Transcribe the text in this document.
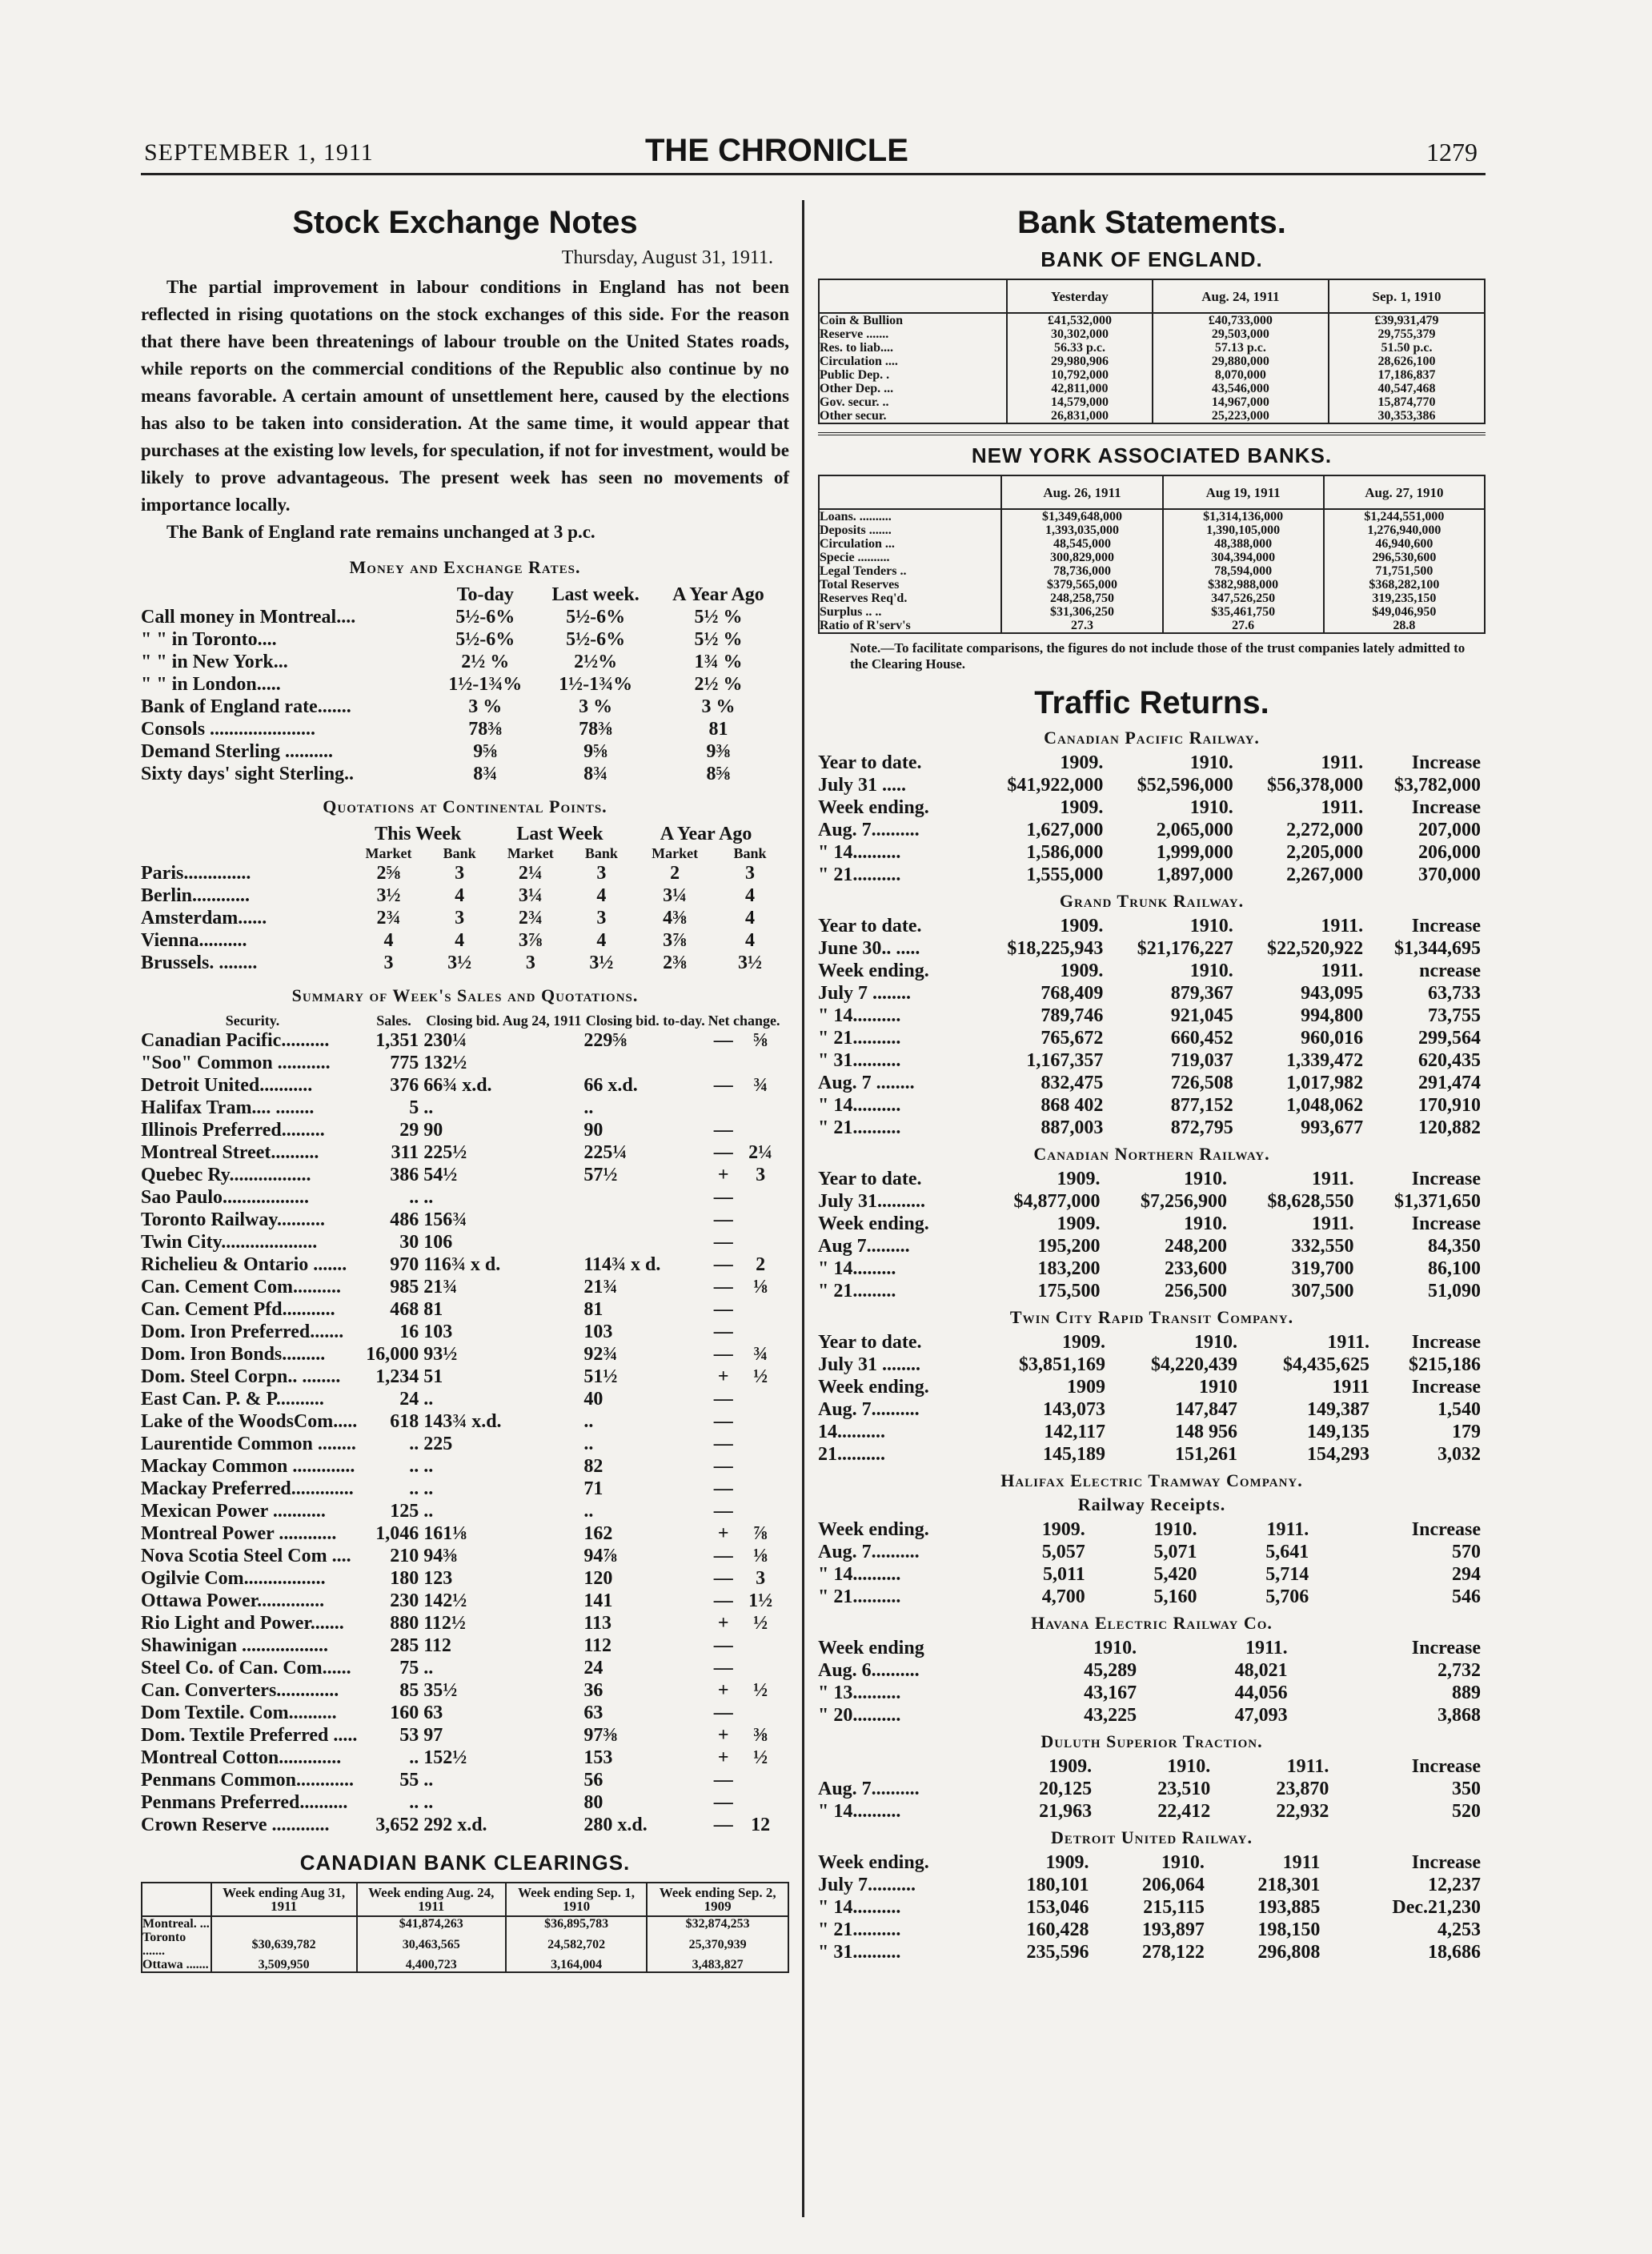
SEPTEMBER 1, 1911	THE CHRONICLE	1279
Stock Exchange Notes

Thursday, August 31, 1911.

The partial improvement in labour conditions in England has not been reflected in rising quotations on the stock exchanges of this side. For the reason that there have been threatenings of labour trouble on the United States roads, while reports on the commercial conditions of the Republic also continue by no means favorable. A certain amount of unsettlement here, caused by the elections has also to be taken into consideration. At the same time, it would appear that purchases at the existing low levels, for speculation, if not for investment, would be likely to prove advantageous. The present week has seen no movements of importance locally.

The Bank of England rate remains unchanged at 3 p.c.

Money and Exchange Rates.
	To-day	Last week.	A Year Ago
Call money in Montreal....	5½-6%	5½-6%	5½ %
" " in Toronto....	5½-6%	5½-6%	5½ %
" " in New York...	2½ %	2½%	1¾ %
" " in London.....	1½-1¾%	1½-1¾%	2½ %
Bank of England rate.......	3 %	3 %	3 %
Consols ......................	78⅜	78⅜	81
Demand Sterling ..........	9⅝	9⅝	9⅜
Sixty days' sight Sterling..	8¾	8¾	8⅝
Quotations at Continental Points.
	This Week		Last Week		A Year Ago	
	Market	Bank	Market	Bank	Market	Bank
Paris..............	2⅝	3	2¼	3	2	3
Berlin............	3½	4	3¼	4	3¼	4
Amsterdam......	2¾	3	2¾	3	4⅜	4
Vienna..........	4	4	3⅞	4	3⅞	4
Brussels. ........	3	3½	3	3½	2⅜	3½
Summary of Week's Sales and Quotations.
Security.	Sales.	Closing bid. Aug 24, 1911	Closing bid. to-day.	Net change.	
Canadian Pacific..........	1,351	230¼	229⅝	—	⅝
"Soo" Common ...........	775	132½			
Detroit United...........	376	66¾ x.d.	66 x.d.	—	¾
Halifax Tram.... ........	5	..	..		
Illinois Preferred.........	29	90	90	—	
Montreal Street..........	311	225½	225¼	—	2¼
Quebec Ry.................	386	54½	57½	+	3
Sao Paulo..................	..	..		—	
Toronto Railway..........	486	156¾		—	
Twin City....................	30	106		—	
Richelieu & Ontario .......	970	116¾ x d.	114¾ x d.	—	2
Can. Cement Com..........	985	21¾	21¾	—	⅛
Can. Cement Pfd...........	468	81	81	—	
Dom. Iron Preferred.......	16	103	103	—	
Dom. Iron Bonds.........	16,000	93½	92¾	—	¾
Dom. Steel Corpn.. ........	1,234	51	51½	+	½
East Can. P. & P..........	24	..	40	—	
Lake of the WoodsCom.....	618	143¾ x.d.	..	—	
Laurentide Common ........	..	225	..	—	
Mackay Common .............	..	..	82	—	
Mackay Preferred.............	..	..	71	—	
Mexican Power ...........	125	..	..	—	
Montreal Power ............	1,046	161⅛	162	+	⅞
Nova Scotia Steel Com ....	210	94⅜	94⅞	—	⅛
Ogilvie Com.................	180	123	120	—	3
Ottawa Power..............	230	142½	141	—	1½
Rio Light and Power.......	880	112½	113	+	½
Shawinigan ..................	285	112	112	—	
Steel Co. of Can. Com......	75	..	24	—	
Can. Converters.............	85	35½	36	+	½
Dom Textile. Com..........	160	63	63	—	
Dom. Textile Preferred .....	53	97	97⅜	+	⅜
Montreal Cotton.............	..	152½	153	+	½
Penmans Common............	55	..	56	—	
Penmans Preferred..........	..	..	80	—	
Crown Reserve ............	3,652	292 x.d.	280 x.d.	—	12
CANADIAN BANK CLEARINGS.
	Week ending Aug 31, 1911	Week ending Aug. 24, 1911	Week ending Sep. 1, 1910	Week ending Sep. 2, 1909
Montreal. ...		$41,874,263	$36,895,783	$32,874,253
Toronto .......	$30,639,782	30,463,565	24,582,702	25,370,939
Ottawa .......	3,509,950	4,400,723	3,164,004	3,483,827
Bank Statements.
BANK OF ENGLAND.
	Yesterday	Aug. 24, 1911	Sep. 1, 1910
Coin & Bullion	£41,532,000	£40,733,000	£39,931,479
Reserve .......	30,302,000	29,503,000	29,755,379
Res. to liab....	56.33 p.c.	57.13 p.c.	51.50 p.c.
Circulation ....	29,980,906	29,880,000	28,626,100
Public Dep. .	10,792,000	8,070,000	17,186,837
Other Dep. ...	42,811,000	43,546,000	40,547,468
Gov. secur. ..	14,579,000	14,967,000	15,874,770
Other secur.	26,831,000	25,223,000	30,353,386
NEW YORK ASSOCIATED BANKS.
	Aug. 26, 1911	Aug 19, 1911	Aug. 27, 1910
Loans. ..........	$1,349,648,000	$1,314,136,000	$1,244,551,000
Deposits .......	1,393,035,000	1,390,105,000	1,276,940,000
Circulation ...	48,545,000	48,388,000	46,940,600
Specie ..........	300,829,000	304,394,000	296,530,600
Legal Tenders ..	78,736,000	78,594,000	71,751,500

Total Reserves	$379,565,000	$382,988,000	$368,282,100
Reserves Req'd.	248,258,750	347,526,250	319,235,150

Surplus .. ..	$31,306,250	$35,461,750	$49,046,950
Ratio of R'serv's	27.3	27.6	28.8

Note.—To facilitate comparisons, the figures do not include those of the trust companies lately admitted to the Clearing House.

Traffic Returns.
Canadian Pacific Railway.
Year to date.	1909.	1910.	1911.	Increase
July 31 .....	$41,922,000	$52,596,000	$56,378,000	$3,782,000
Week ending.	1909.	1910.	1911.	Increase
Aug. 7..........	1,627,000	2,065,000	2,272,000	207,000
" 14..........	1,586,000	1,999,000	2,205,000	206,000
" 21..........	1,555,000	1,897,000	2,267,000	370,000
Grand Trunk Railway.
Year to date.	1909.	1910.	1911.	Increase
June 30.. .....	$18,225,943	$21,176,227	$22,520,922	$1,344,695
Week ending.	1909.	1910.	1911.	ncrease
July 7 ........	768,409	879,367	943,095	63,733
" 14..........	789,746	921,045	994,800	73,755
" 21..........	765,672	660,452	960,016	299,564
" 31..........	1,167,357	719,037	1,339,472	620,435
Aug. 7 ........	832,475	726,508	1,017,982	291,474
" 14..........	868 402	877,152	1,048,062	170,910
" 21..........	887,003	872,795	993,677	120,882
Canadian Northern Railway.
Year to date.	1909.	1910.	1911.	Increase
July 31..........	$4,877,000	$7,256,900	$8,628,550	$1,371,650
Week ending.	1909.	1910.	1911.	Increase
Aug 7.........	195,200	248,200	332,550	84,350
" 14.........	183,200	233,600	319,700	86,100
" 21.........	175,500	256,500	307,500	51,090
Twin City Rapid Transit Company.
Year to date.	1909.	1910.	1911.	Increase
July 31 ........	$3,851,169	$4,220,439	$4,435,625	$215,186
Week ending.	1909	1910	1911	Increase
Aug. 7..........	143,073	147,847	149,387	1,540
14..........	142,117	148 956	149,135	179
21..........	145,189	151,261	154,293	3,032
Halifax Electric Tramway Company.
Railway Receipts.
Week ending.	1909.	1910.	1911.	Increase
Aug. 7..........	5,057	5,071	5,641	570
" 14..........	5,011	5,420	5,714	294
" 21..........	4,700	5,160	5,706	546
Havana Electric Railway Co.
Week ending		1910.	1911.	Increase
Aug. 6..........		45,289	48,021	2,732
" 13..........		43,167	44,056	889
" 20..........		43,225	47,093	3,868
Duluth Superior Traction.
	1909.	1910.	1911.	Increase
Aug. 7..........	20,125	23,510	23,870	350
" 14..........	21,963	22,412	22,932	520
Detroit United Railway.
Week ending.	1909.	1910.	1911	Increase
July 7..........	180,101	206,064	218,301	12,237
" 14..........	153,046	215,115	193,885	Dec.21,230
" 21..........	160,428	193,897	198,150	4,253
" 31..........	235,596	278,122	296,808	18,686
